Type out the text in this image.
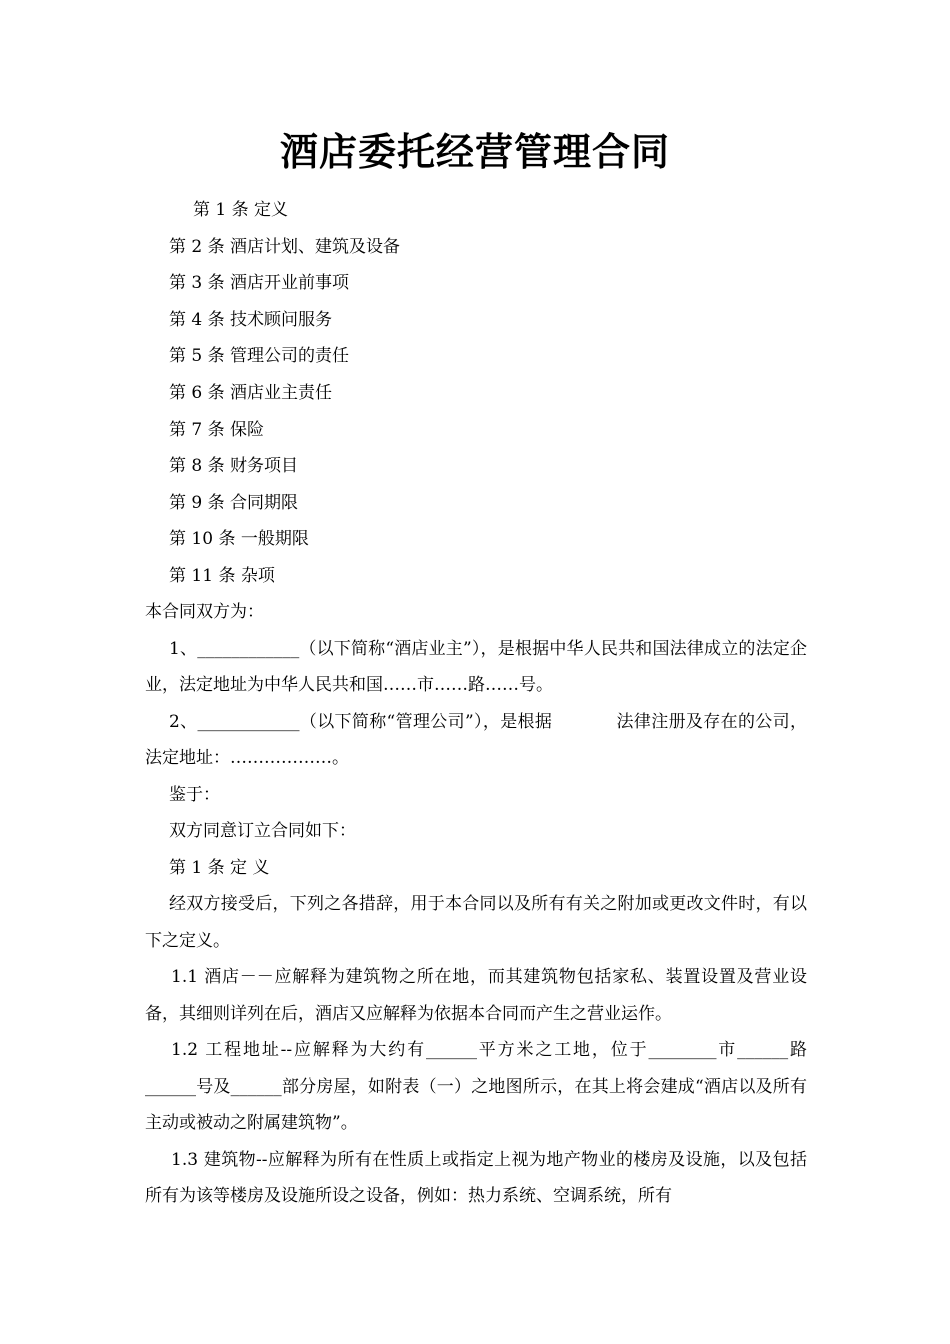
酒店委托经营管理合同
第 1 条 定义
第 2 条 酒店计划、建筑及设备
第 3 条 酒店开业前事项
第 4 条 技术顾问服务
第 5 条 管理公司的责任
第 6 条 酒店业主责任
第 7 条 保险
第 8 条 财务项目
第 9 条 合同期限
第 10 条 一般期限
第 11 条 杂项

本合同双方为：

1、____________（以下简称“酒店业主”），是根据中华人民共和国法律成立的法定企业，法定地址为中华人民共和国……市……路……号。

2、____________（以下简称“管理公司”），是根据	法律注册及存在的公司，法定地址：………………。

鉴于：

双方同意订立合同如下：

第 1 条 定 义

经双方接受后，下列之各措辞，用于本合同以及所有有关之附加或更改文件时，有以下之定义。

1.1 酒店－－应解释为建筑物之所在地，而其建筑物包括家私、装置设置及营业设备，其细则详列在后，酒店又应解释为依据本合同而产生之营业运作。

1.2 工程地址--应解释为大约有______平方米之工地，位于________市______路______号及______部分房屋，如附表（一）之地图所示，在其上将会建成“酒店以及所有主动或被动之附属建筑物”。

1.3 建筑物--应解释为所有在性质上或指定上视为地产物业的楼房及设施，以及包括所有为该等楼房及设施所设之设备，例如：热力系统、空调系统，所有
